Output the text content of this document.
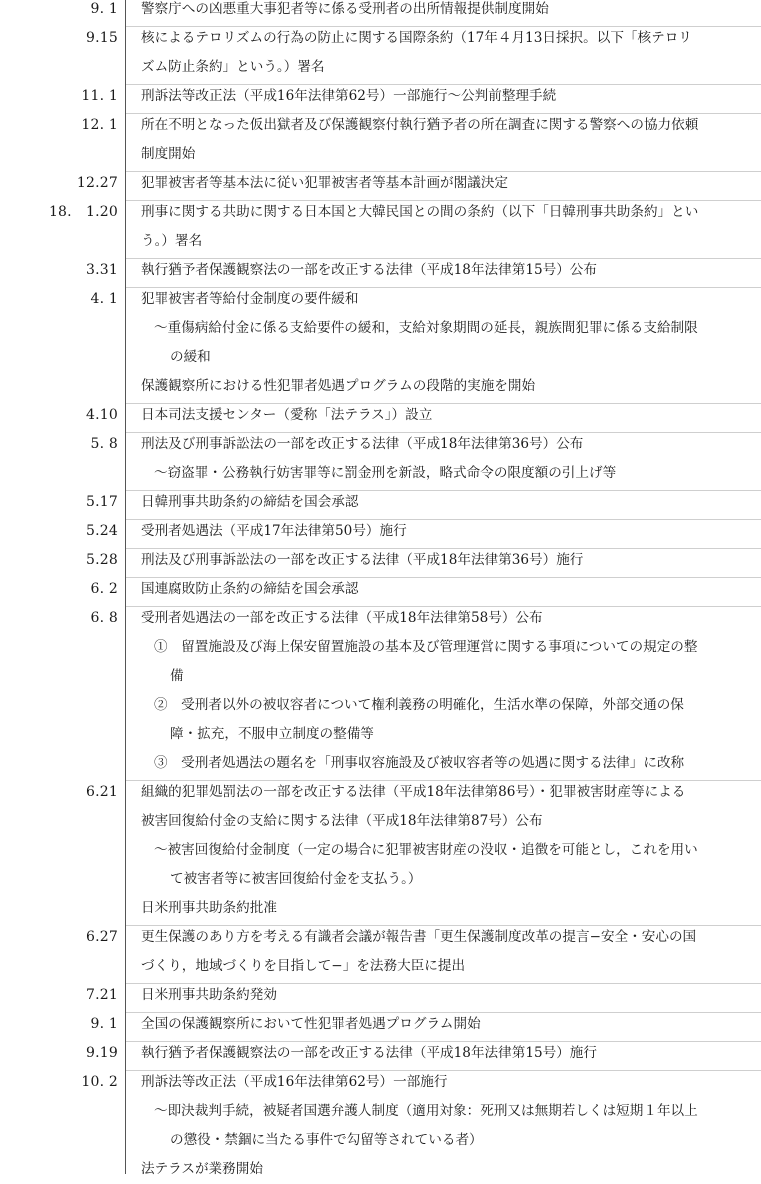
9. 1 警察庁への凶悪重大事犯者等に係る受刑者の出所情報提供制度開始
9.15 核によるテロリズムの行為の防止に関する国際条約（17年４月13日採択。以下「核テロリ
ズム防止条約」という。）署名
11. 1 刑訴法等改正法（平成16年法律第62号）一部施行〜公判前整理手続
12. 1 所在不明となった仮出獄者及び保護観察付執行猶予者の所在調査に関する警察への協力依頼
制度開始
12.27 犯罪被害者等基本法に従い犯罪被害者等基本計画が閣議決定
18.　1.20 刑事に関する共助に関する日本国と大韓民国との間の条約（以下「日韓刑事共助条約」とい
う。）署名
3.31 執行猶予者保護観察法の一部を改正する法律（平成18年法律第15号）公布
4. 1 犯罪被害者等給付金制度の要件緩和
〜重傷病給付金に係る支給要件の緩和，支給対象期間の延長，親族間犯罪に係る支給制限
の緩和
保護観察所における性犯罪者処遇プログラムの段階的実施を開始
4.10 日本司法支援センター（愛称「法テラス」）設立
5. 8 刑法及び刑事訴訟法の一部を改正する法律（平成18年法律第36号）公布
〜窃盗罪・公務執行妨害罪等に罰金刑を新設，略式命令の限度額の引上げ等
5.17 日韓刑事共助条約の締結を国会承認
5.24 受刑者処遇法（平成17年法律第50号）施行
5.28 刑法及び刑事訴訟法の一部を改正する法律（平成18年法律第36号）施行
6. 2 国連腐敗防止条約の締結を国会承認
6. 8 受刑者処遇法の一部を改正する法律（平成18年法律第58号）公布
①　留置施設及び海上保安留置施設の基本及び管理運営に関する事項についての規定の整
備
②　受刑者以外の被収容者について権利義務の明確化，生活水準の保障，外部交通の保
障・拡充，不服申立制度の整備等
③　受刑者処遇法の題名を「刑事収容施設及び被収容者等の処遇に関する法律」に改称
6.21 組織的犯罪処罰法の一部を改正する法律（平成18年法律第86号）・犯罪被害財産等による
被害回復給付金の支給に関する法律（平成18年法律第87号）公布
〜被害回復給付金制度（一定の場合に犯罪被害財産の没収・追徴を可能とし，これを用い
て被害者等に被害回復給付金を支払う。）
日米刑事共助条約批准
6.27 更生保護のあり方を考える有識者会議が報告書「更生保護制度改革の提言−安全・安心の国
づくり，地域づくりを目指して−」を法務大臣に提出
7.21 日米刑事共助条約発効
9. 1 全国の保護観察所において性犯罪者処遇プログラム開始
9.19 執行猶予者保護観察法の一部を改正する法律（平成18年法律第15号）施行
10. 2 刑訴法等改正法（平成16年法律第62号）一部施行
〜即決裁判手続，被疑者国選弁護人制度（適用対象：死刑又は無期若しくは短期１年以上
の懲役・禁錮に当たる事件で勾留等されている者）
法テラスが業務開始
